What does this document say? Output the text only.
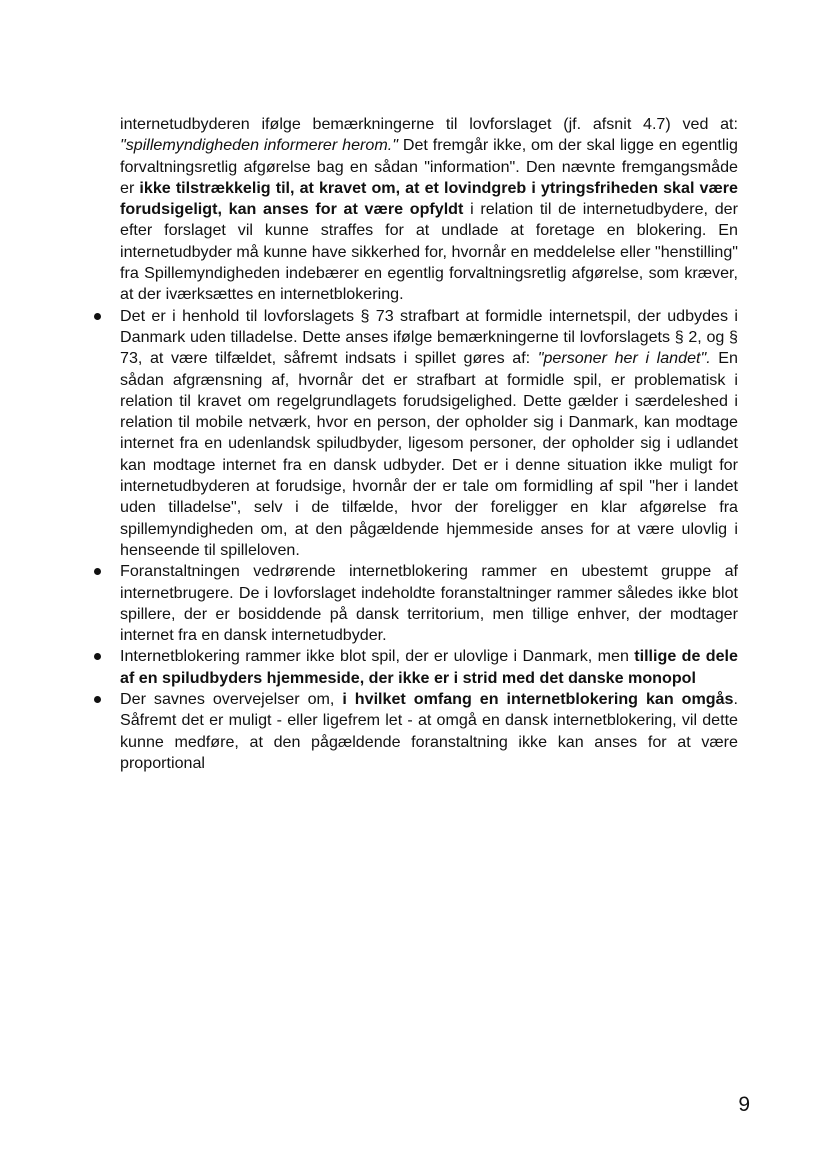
internetudbyderen ifølge bemærkningerne til lovforslaget (jf. afsnit 4.7) ved at: "spillemyndigheden informerer herom." Det fremgår ikke, om der skal ligge en egentlig forvaltningsretlig afgørelse bag en sådan "information". Den nævnte fremgangsmåde er ikke tilstrækkelig til, at kravet om, at et lovindgreb i ytringsfriheden skal være forudsigeligt, kan anses for at være opfyldt i relation til de internetudbydere, der efter forslaget vil kunne straffes for at undlade at foretage en blokering. En internetudbyder må kunne have sikkerhed for, hvornår en meddelelse eller "henstilling" fra Spillemyndigheden indebærer en egentlig forvaltningsretlig afgørelse, som kræver, at der iværksættes en internetblokering.

Det er i henhold til lovforslagets § 73 strafbart at formidle internetspil, der udbydes i Danmark uden tilladelse. Dette anses ifølge bemærkningerne til lovforslagets § 2, og § 73, at være tilfældet, såfremt indsats i spillet gøres af: "personer her i landet". En sådan afgrænsning af, hvornår det er strafbart at formidle spil, er problematisk i relation til kravet om regelgrundlagets forudsigelighed. Dette gælder i særdeleshed i relation til mobile netværk, hvor en person, der opholder sig i Danmark, kan modtage internet fra en udenlandsk spiludbyder, ligesom personer, der opholder sig i udlandet kan modtage internet fra en dansk udbyder. Det er i denne situation ikke muligt for internetudbyderen at forudsige, hvornår der er tale om formidling af spil "her i landet uden tilladelse", selv i de tilfælde, hvor der foreligger en klar afgørelse fra spillemyndigheden om, at den pågældende hjemmeside anses for at være ulovlig i henseende til spilleloven.
Foranstaltningen vedrørende internetblokering rammer en ubestemt gruppe af internetbrugere. De i lovforslaget indeholdte foranstaltninger rammer således ikke blot spillere, der er bosiddende på dansk territorium, men tillige enhver, der modtager internet fra en dansk internetudbyder.
Internetblokering rammer ikke blot spil, der er ulovlige i Danmark, men tillige de dele af en spiludbyders hjemmeside, der ikke er i strid med det danske monopol
Der savnes overvejelser om, i hvilket omfang en internetblokering kan omgås. Såfremt det er muligt - eller ligefrem let - at omgå en dansk internetblokering, vil dette kunne medføre, at den pågældende foranstaltning ikke kan anses for at være proportional
9
